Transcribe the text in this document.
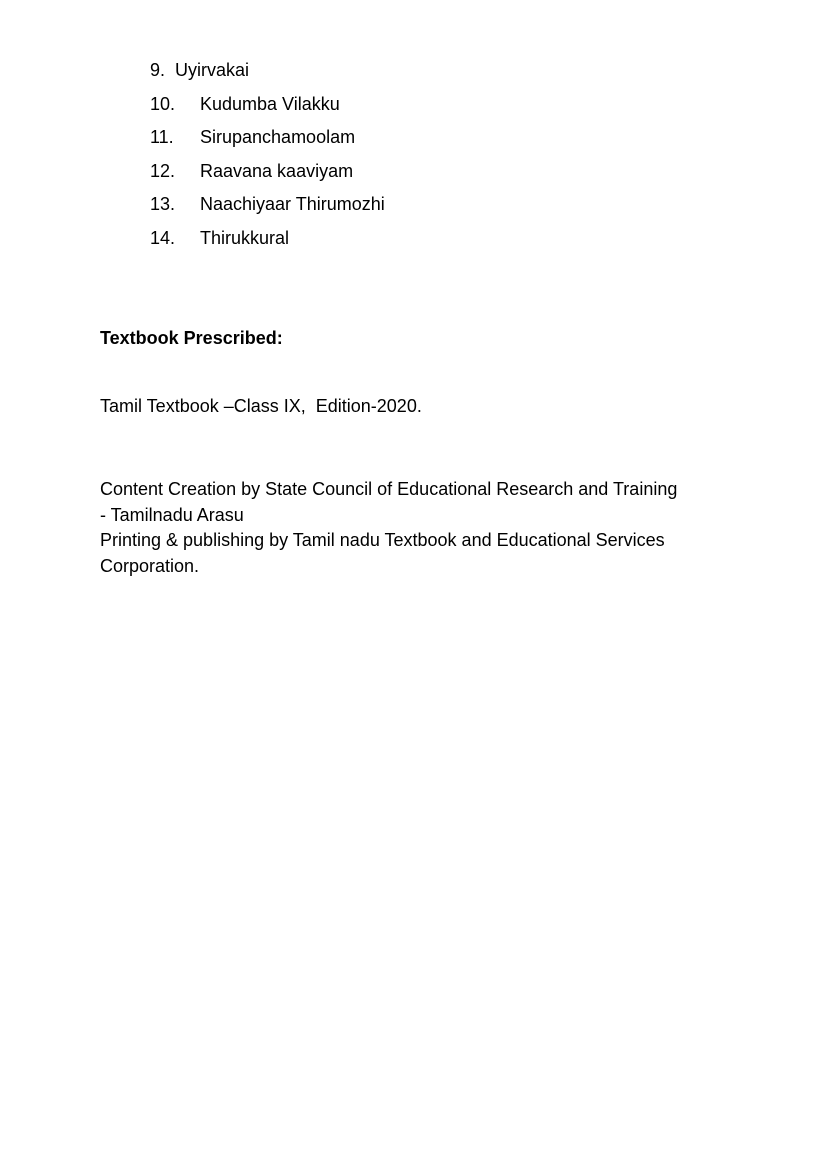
9. Uyirvakai
10.	Kudumba Vilakku
11.	Sirupanchamoolam
12.	Raavana kaaviyam
13.	Naachiyaar Thirumozhi
14.	Thirukkural
Textbook Prescribed:

Tamil Textbook –Class IX,  Edition-2020.

Content Creation by State Council of Educational Research and Training
- Tamilnadu Arasu
Printing & publishing by Tamil nadu Textbook and Educational Services
Corporation.
